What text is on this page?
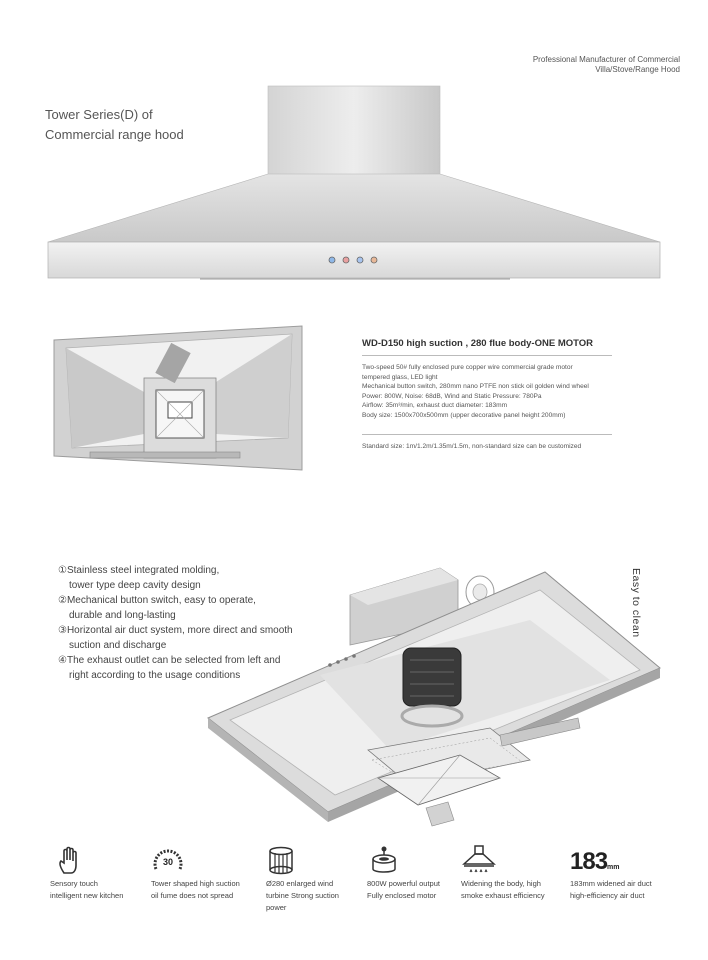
Professional Manufacturer of Commercial
Villa/Stove/Range Hood
Tower Series(D) of
Commercial range hood
WD-D150 high suction , 280 flue body-ONE MOTOR
Two-speed 50# fully enclosed pure copper wire commercial grade motor
tempered glass, LED light
Mechanical button switch, 280mm nano PTFE non stick oil golden wind wheel
Power: 800W, Noise: 68dB, Wind and Static Pressure: 780Pa
Airflow: 35m³/min, exhaust duct diameter: 183mm
Body size: 1500x700x500mm (upper decorative panel height 200mm)
Standard size: 1m/1.2m/1.35m/1.5m, non-standard size can be customized
①Stainless steel integrated molding,
tower type deep cavity design
②Mechanical button switch, easy to operate,
durable and long-lasting
③Horizontal air duct system, more direct and smooth
suction and discharge
④The exhaust outlet can be selected from left and
right according to the usage conditions
Easy to clean
30	183mm
Sensory touch
intelligent new kitchen
Tower shaped high suction
oil fume does not spread
Ø280 enlarged wind
turbine Strong suction
power
800W powerful output
Fully enclosed motor
Widening the body, high
smoke exhaust efficiency
183mm widened air duct
high-efficiency air duct
